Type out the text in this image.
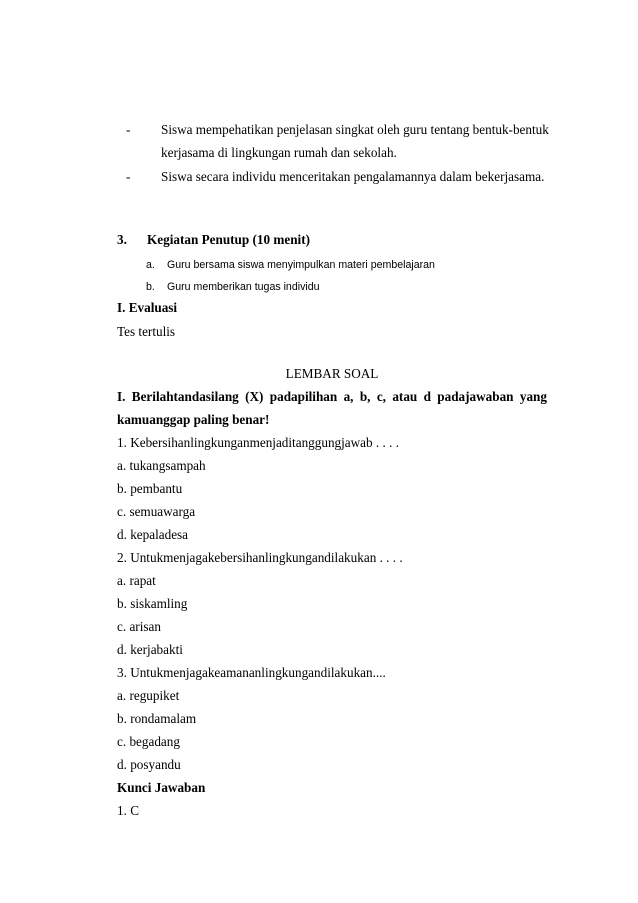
- Siswa mempehatikan penjelasan singkat oleh guru tentang bentuk-bentuk
kerjasama di lingkungan rumah dan sekolah.
- Siswa secara individu menceritakan pengalamannya dalam bekerjasama.
3. Kegiatan Penutup (10 menit)
a. Guru bersama siswa menyimpulkan materi pembelajaran
b. Guru memberikan tugas individu
I. Evaluasi
Tes tertulis
LEMBAR SOAL
I. Berilahtandasilang (X) padapilihan a, b, c, atau d padajawaban yang
kamuanggap paling benar!
1. Kebersihanlingkunganmenjaditanggungjawab . . . .
a. tukangsampah
b. pembantu
c. semuawarga
d. kepaladesa
2. Untukmenjagakebersihanlingkungandilakukan . . . .
a. rapat
b. siskamling
c. arisan
d. kerjabakti
3. Untukmenjagakeamananlingkungandilakukan....
a. regupiket
b. rondamalam
c. begadang
d. posyandu
Kunci Jawaban
1. C
